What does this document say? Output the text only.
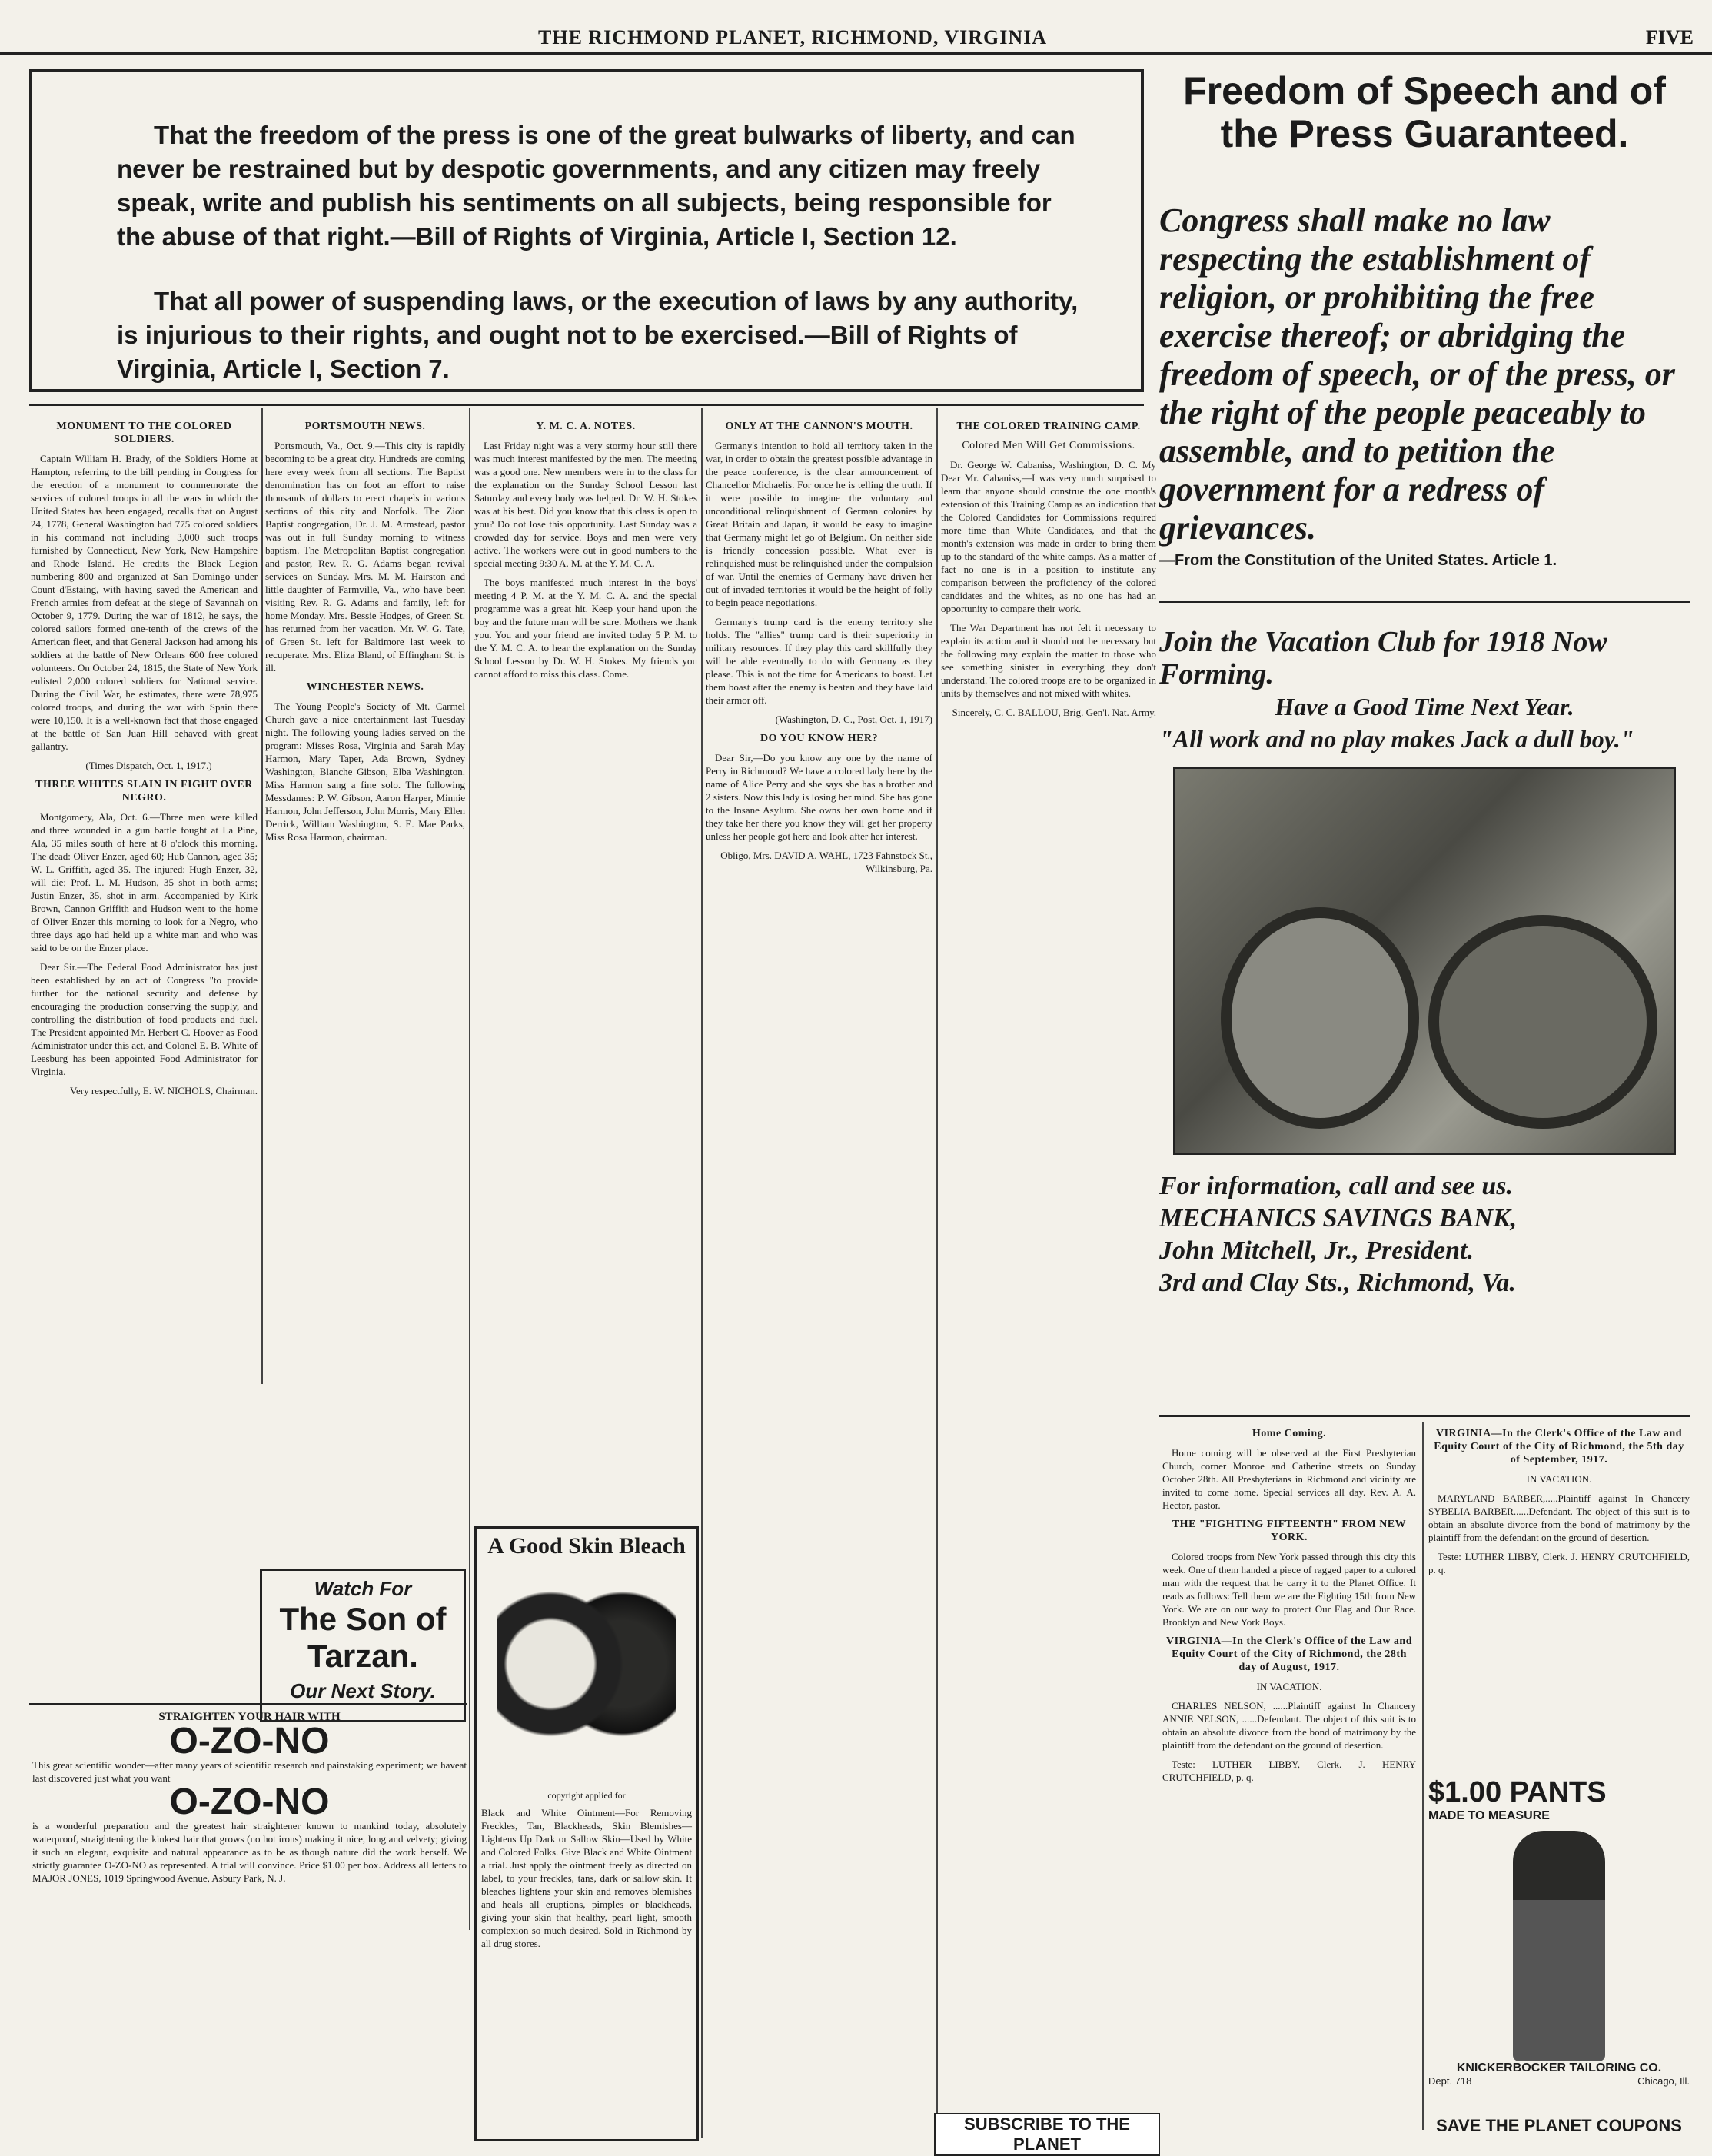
THE RICHMOND PLANET, RICHMOND, VIRGINIA	FIVE

That the freedom of the press is one of the great bulwarks of liberty, and can never be restrained but by despotic governments, and any citizen may freely speak, write and publish his sentiments on all subjects, being responsible for the abuse of that right.—Bill of Rights of Virginia, Article I, Section 12.

That all power of suspending laws, or the execution of laws by any authority, is injurious to their rights, and ought not to be exercised.—Bill of Rights of Virginia, Article I, Section 7.

Freedom of Speech and of the Press Guaranteed.

Congress shall make no law respecting the establishment of religion, or prohibiting the free exercise thereof; or abridging the freedom of speech, or of the press, or the right of the people peaceably to assemble, and to petition the government for a redress of grievances.

—From the Constitution of the United States. Article 1.

Join the Vacation Club for 1918 Now Forming.

Have a Good Time Next Year.

"All work and no play makes Jack a dull boy."

For information, call and see us.

MECHANICS SAVINGS BANK,

John Mitchell, Jr., President.

3rd and Clay Sts., Richmond, Va.

MONUMENT TO THE COLORED SOLDIERS.

Captain William H. Brady, of the Soldiers Home at Hampton, referring to the bill pending in Congress for the erection of a monument to commemorate the services of colored troops in all the wars in which the United States has been engaged, recalls that on August 24, 1778, General Washington had 775 colored soldiers in his command not including 3,000 such troops furnished by Connecticut, New York, New Hampshire and Rhode Island. He credits the Black Legion numbering 800 and organized at San Domingo under Count d'Estaing, with having saved the American and French armies from defeat at the siege of Savannah on October 9, 1779. During the war of 1812, he says, the colored sailors formed one-tenth of the crews of the American fleet, and that General Jackson had among his soldiers at the battle of New Orleans 600 free colored volunteers. On October 24, 1815, the State of New York enlisted 2,000 colored soldiers for National service. During the Civil War, he estimates, there were 78,975 colored troops, and during the war with Spain there were 10,150. It is a well-known fact that those engaged at the battle of San Juan Hill behaved with great gallantry.

(Times Dispatch, Oct. 1, 1917.)

THREE WHITES SLAIN IN FIGHT OVER NEGRO.

Montgomery, Ala, Oct. 6.—Three men were killed and three wounded in a gun battle fought at La Pine, Ala, 35 miles south of here at 8 o'clock this morning. The dead: Oliver Enzer, aged 60; Hub Cannon, aged 35; W. L. Griffith, aged 35. The injured: Hugh Enzer, 32, will die; Prof. L. M. Hudson, 35 shot in both arms; Justin Enzer, 35, shot in arm. Accompanied by Kirk Brown, Cannon Griffith and Hudson went to the home of Oliver Enzer this morning to look for a Negro, who three days ago had held up a white man and who was said to be on the Enzer place.

Dear Sir.—The Federal Food Administrator has just been established by an act of Congress "to provide further for the national security and defense by encouraging the production conserving the supply, and controlling the distribution of food products and fuel. The President appointed Mr. Herbert C. Hoover as Food Administrator under this act, and Colonel E. B. White of Leesburg has been appointed Food Administrator for Virginia.

Very respectfully, E. W. NICHOLS, Chairman.

PORTSMOUTH NEWS.

Portsmouth, Va., Oct. 9.—This city is rapidly becoming to be a great city. Hundreds are coming here every week from all sections. The Baptist denomination has on foot an effort to raise thousands of dollars to erect chapels in various sections of this city and Norfolk. The Zion Baptist congregation, Dr. J. M. Armstead, pastor was out in full Sunday morning to witness baptism. The Metropolitan Baptist congregation and pastor, Rev. R. G. Adams began revival services on Sunday. Mrs. M. M. Hairston and little daughter of Farmville, Va., who have been visiting Rev. R. G. Adams and family, left for home Monday. Mrs. Bessie Hodges, of Green St. has returned from her vacation. Mr. W. G. Tate, of Green St. left for Baltimore last week to recuperate. Mrs. Eliza Bland, of Effingham St. is ill.

WINCHESTER NEWS.

The Young People's Society of Mt. Carmel Church gave a nice entertainment last Tuesday night. The following young ladies served on the program: Misses Rosa, Virginia and Sarah May Harmon, Mary Taper, Ada Brown, Sydney Washington, Blanche Gibson, Elba Washington. Miss Harmon sang a fine solo. The following Messdames: P. W. Gibson, Aaron Harper, Minnie Harmon, John Jefferson, John Morris, Mary Ellen Derrick, William Washington, S. E. Mae Parks, Miss Rosa Harmon, chairman.

Watch For
The Son of Tarzan.
Our Next Story.
Y. M. C. A. NOTES.

Last Friday night was a very stormy hour still there was much interest manifested by the men. The meeting was a good one. New members were in to the class for the explanation on the Sunday School Lesson last Saturday and every body was helped. Dr. W. H. Stokes was at his best. Did you know that this class is open to you? Do not lose this opportunity. Last Sunday was a crowded day for service. Boys and men were very active. The workers were out in good numbers to the special meeting 9:30 A. M. at the Y. M. C. A.

The boys manifested much interest in the boys' meeting 4 P. M. at the Y. M. C. A. and the special programme was a great hit. Keep your hand upon the boy and the future man will be sure. Mothers we thank you. You and your friend are invited today 5 P. M. to the Y. M. C. A. to hear the explanation on the Sunday School Lesson by Dr. W. H. Stokes. My friends you cannot afford to miss this class. Come.

A Good Skin Bleach
copyright applied for

Black and White Ointment—For Removing Freckles, Tan, Blackheads, Skin Blemishes—Lightens Up Dark or Sallow Skin—Used by White and Colored Folks. Give Black and White Ointment a trial. Just apply the ointment freely as directed on label, to your freckles, tans, dark or sallow skin. It bleaches lightens your skin and removes blemishes and heals all eruptions, pimples or blackheads, giving your skin that healthy, pearl light, smooth complexion so much desired. Sold in Richmond by all drug stores.

ONLY AT THE CANNON'S MOUTH.

Germany's intention to hold all territory taken in the war, in order to obtain the greatest possible advantage in the peace conference, is the clear announcement of Chancellor Michaelis. For once he is telling the truth. If it were possible to imagine the voluntary and unconditional relinquishment of German colonies by Great Britain and Japan, it would be easy to imagine that Germany might let go of Belgium. On neither side is friendly concession possible. What ever is relinquished must be relinquished under the compulsion of war. Until the enemies of Germany have driven her out of invaded territories it would be the height of folly to begin peace negotiations.

Germany's trump card is the enemy territory she holds. The "allies" trump card is their superiority in military resources. If they play this card skillfully they will be able eventually to do with Germany as they please. This is not the time for Americans to boast. Let them boast after the enemy is beaten and they have laid their armor off.

(Washington, D. C., Post, Oct. 1, 1917)

DO YOU KNOW HER?

Dear Sir,—Do you know any one by the name of Perry in Richmond? We have a colored lady here by the name of Alice Perry and she says she has a brother and 2 sisters. Now this lady is losing her mind. She has gone to the Insane Asylum. She owns her own home and if they take her there you know they will get her property unless her people got here and look after her interest.

Obligo, Mrs. DAVID A. WAHL, 1723 Fahnstock St., Wilkinsburg, Pa.

THE COLORED TRAINING CAMP.
Colored Men Will Get Commissions.

Dr. George W. Cabaniss, Washington, D. C. My Dear Mr. Cabaniss,—I was very much surprised to learn that anyone should construe the one month's extension of this Training Camp as an indication that the Colored Candidates for Commissions required more time than White Candidates, and that the month's extension was made in order to bring them up to the standard of the white camps. As a matter of fact no one is in a position to institute any comparison between the proficiency of the colored candidates and the whites, as no one has had an opportunity to compare their work.

The War Department has not felt it necessary to explain its action and it should not be necessary but the following may explain the matter to those who see something sinister in everything they don't understand. The colored troops are to be organized in units by themselves and not mixed with whites.

Sincerely, C. C. BALLOU, Brig. Gen'l. Nat. Army.

SUBSCRIBE TO THE PLANET
Home Coming.

Home coming will be observed at the First Presbyterian Church, corner Monroe and Catherine streets on Sunday October 28th. All Presbyterians in Richmond and vicinity are invited to come home. Special services all day. Rev. A. A. Hector, pastor.

THE "FIGHTING FIFTEENTH" FROM NEW YORK.

Colored troops from New York passed through this city this week. One of them handed a piece of ragged paper to a colored man with the request that he carry it to the Planet Office. It reads as follows: Tell them we are the Fighting 15th from New York. We are on our way to protect Our Flag and Our Race. Brooklyn and New York Boys.

VIRGINIA—In the Clerk's Office of the Law and Equity Court of the City of Richmond, the 28th day of August, 1917.

IN VACATION.

CHARLES NELSON, ......Plaintiff against In Chancery ANNIE NELSON, ......Defendant. The object of this suit is to obtain an absolute divorce from the bond of matrimony by the plaintiff from the defendant on the ground of desertion.

Teste: LUTHER LIBBY, Clerk. J. HENRY CRUTCHFIELD, p. q.

VIRGINIA—In the Clerk's Office of the Law and Equity Court of the City of Richmond, the 5th day of September, 1917.

IN VACATION.

MARYLAND BARBER,.....Plaintiff against In Chancery SYBELIA BARBER......Defendant. The object of this suit is to obtain an absolute divorce from the bond of matrimony by the plaintiff from the defendant on the ground of desertion.

Teste: LUTHER LIBBY, Clerk. J. HENRY CRUTCHFIELD, p. q.

$1.00 PANTS
MADE TO MEASURE
KNICKERBOCKER TAILORING CO.
Dept. 718	Chicago, Ill.
SAVE THE PLANET COUPONS
STRAIGHTEN YOUR HAIR WITH
O-ZO-NO

This great scientific wonder—after many years of scientific research and painstaking experiment; we haveat last discovered just what you want

O-ZO-NO

is a wonderful preparation and the greatest hair straightener known to mankind today, absolutely waterproof, straightening the kinkest hair that grows (no hot irons) making it nice, long and velvety; giving it such an elegant, exquisite and natural appearance as to be as though nature did the work herself. We strictly guarantee O-ZO-NO as represented. A trial will convince. Price $1.00 per box. Address all letters to MAJOR JONES, 1019 Springwood Avenue, Asbury Park, N. J.
